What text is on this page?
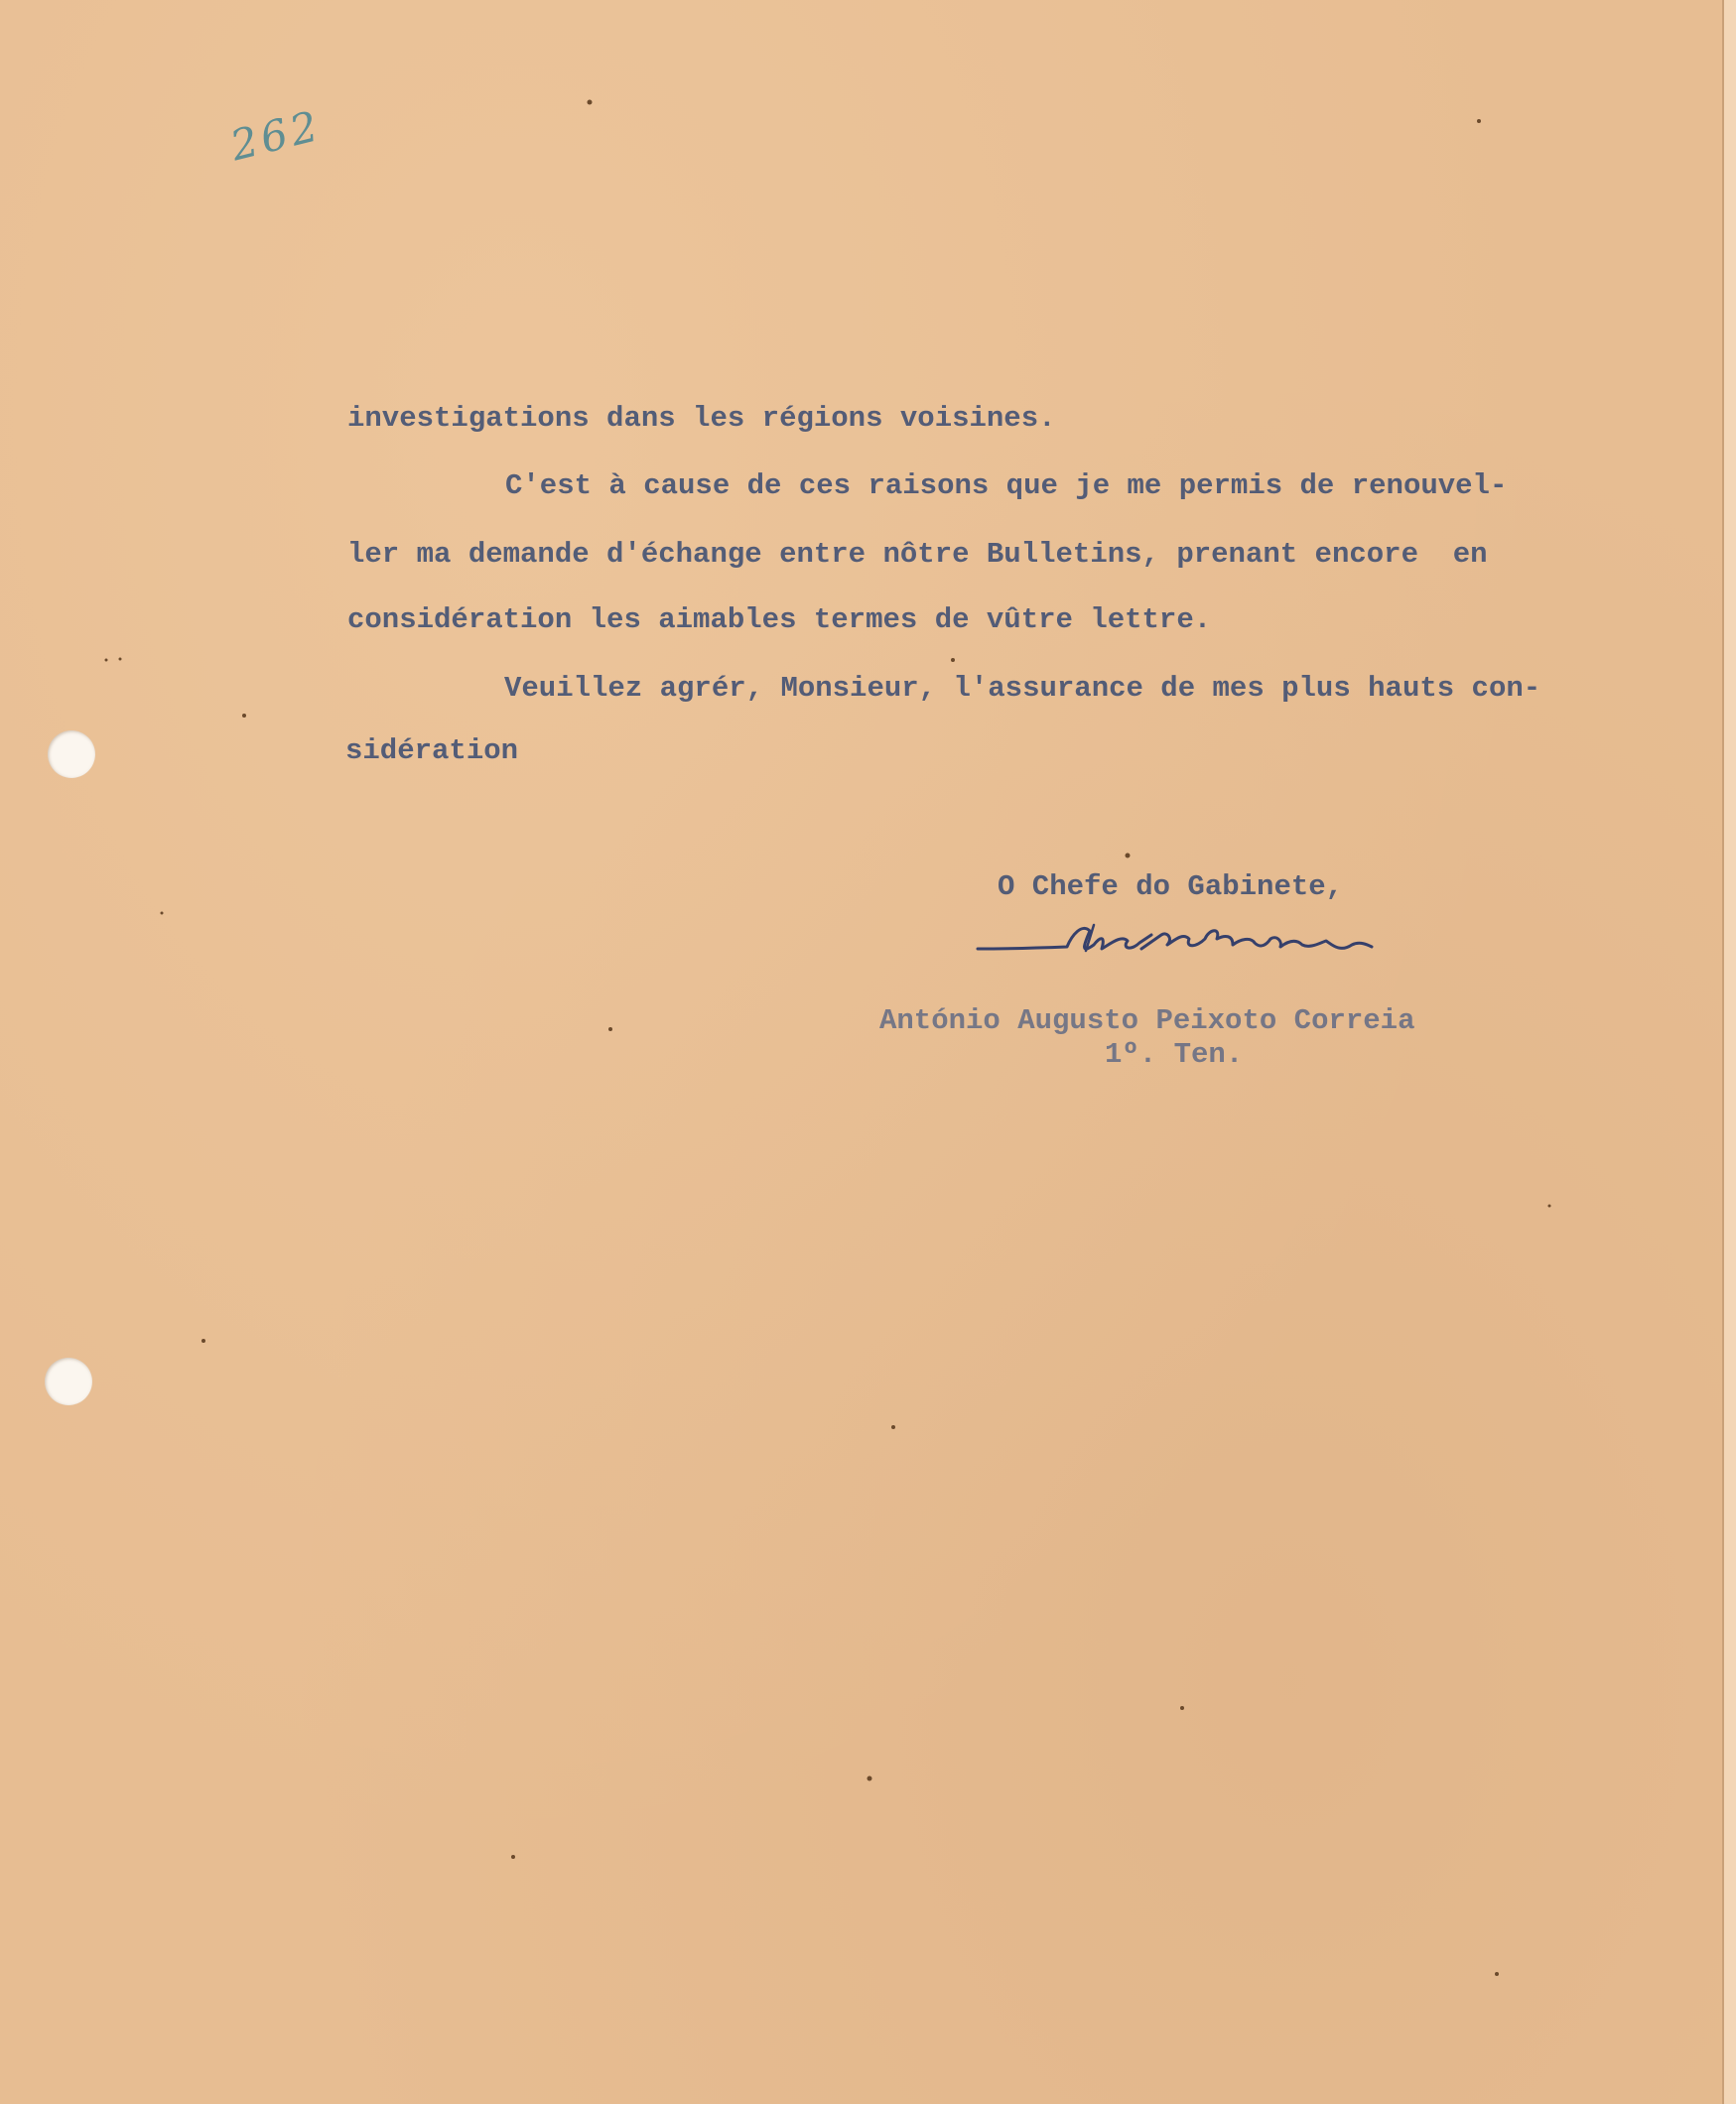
262

investigations dans les régions voisines.

C'est à cause de ces raisons que je me permis de renouvel-

ler ma demande d'échange entre nôtre Bulletins, prenant encore  en

considération les aimables termes de vûtre lettre.

Veuillez agrér, Monsieur, l'assurance de mes plus hauts con-

sidération

O Chefe do Gabinete,

António Augusto Peixoto Correia

1º. Ten.
